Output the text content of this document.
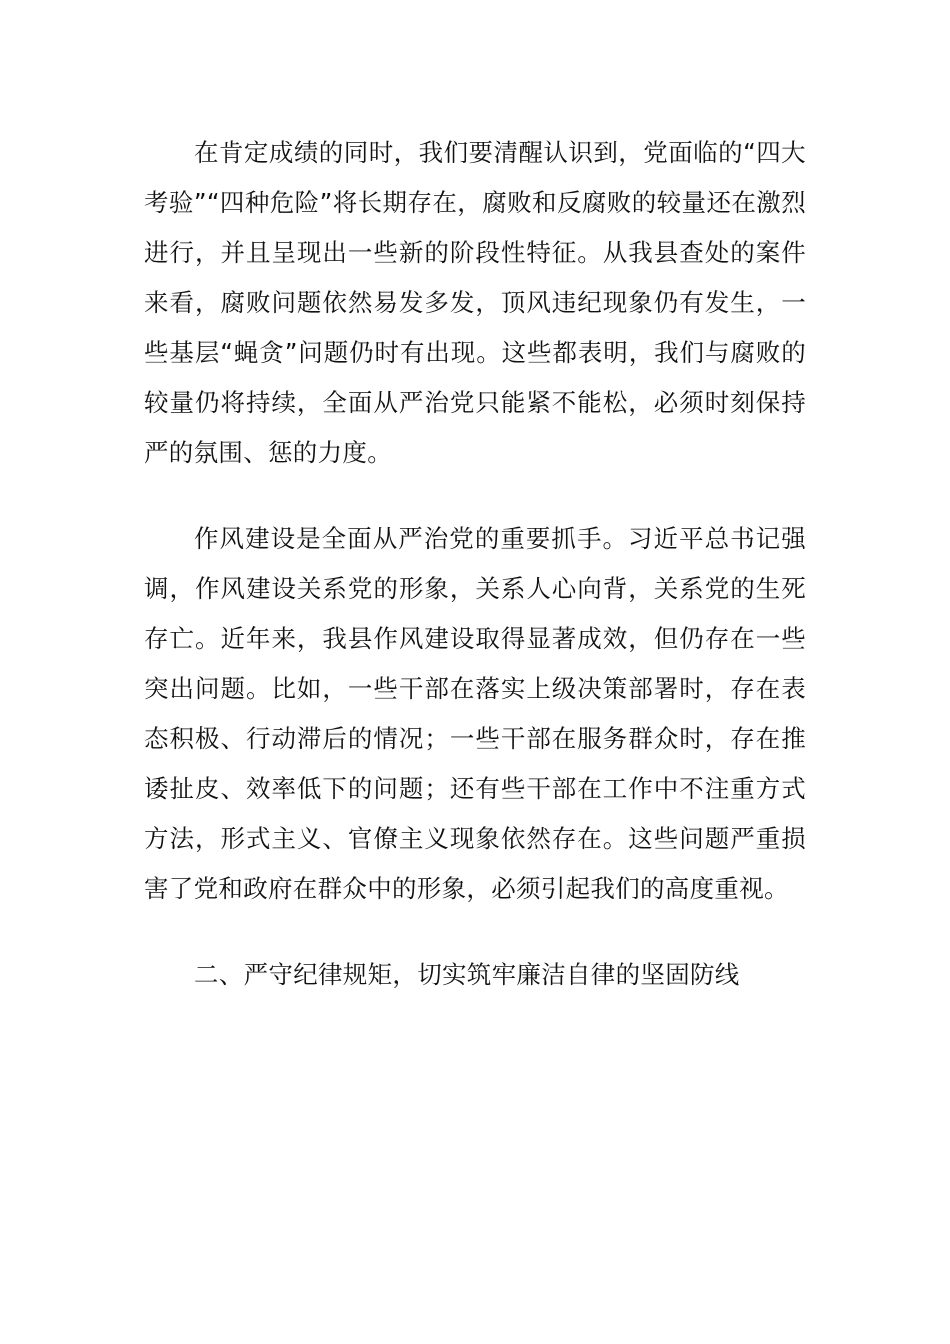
在肯定成绩的同时，我们要清醒认识到，党面临的“四大考验”“四种危险”将长期存在，腐败和反腐败的较量还在激烈进行，并且呈现出一些新的阶段性特征。从我县查处的案件来看，腐败问题依然易发多发，顶风违纪现象仍有发生，一些基层“蝇贪”问题仍时有出现。这些都表明，我们与腐败的较量仍将持续，全面从严治党只能紧不能松，必须时刻保持严的氛围、惩的力度。

作风建设是全面从严治党的重要抓手。习近平总书记强调，作风建设关系党的形象，关系人心向背，关系党的生死存亡。近年来，我县作风建设取得显著成效，但仍存在一些突出问题。比如，一些干部在落实上级决策部署时，存在表态积极、行动滞后的情况；一些干部在服务群众时，存在推诿扯皮、效率低下的问题；还有些干部在工作中不注重方式方法，形式主义、官僚主义现象依然存在。这些问题严重损害了党和政府在群众中的形象，必须引起我们的高度重视。

二、严守纪律规矩，切实筑牢廉洁自律的坚固防线
